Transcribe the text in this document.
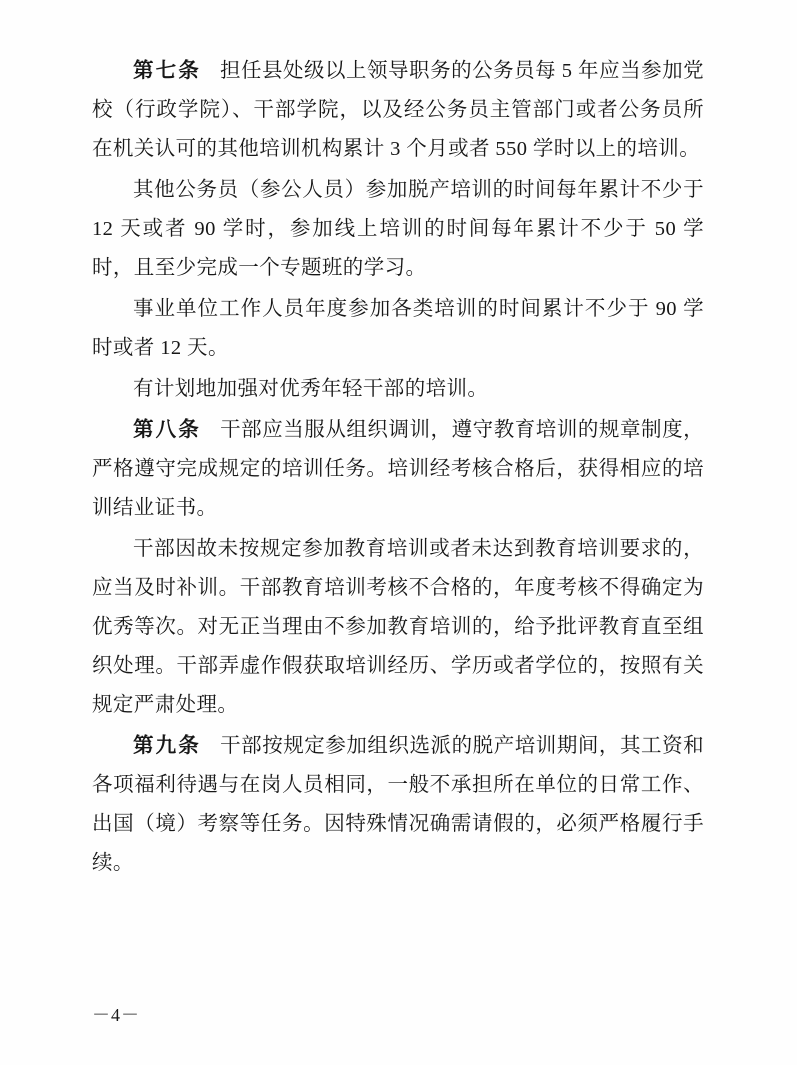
第七条 担任县处级以上领导职务的公务员每 5 年应当参加党校（行政学院）、干部学院，以及经公务员主管部门或者公务员所在机关认可的其他培训机构累计 3 个月或者 550 学时以上的培训。

其他公务员（参公人员）参加脱产培训的时间每年累计不少于 12 天或者 90 学时，参加线上培训的时间每年累计不少于 50 学时，且至少完成一个专题班的学习。

事业单位工作人员年度参加各类培训的时间累计不少于 90 学时或者 12 天。

有计划地加强对优秀年轻干部的培训。

第八条 干部应当服从组织调训，遵守教育培训的规章制度，严格遵守完成规定的培训任务。培训经考核合格后，获得相应的培训结业证书。

干部因故未按规定参加教育培训或者未达到教育培训要求的，应当及时补训。干部教育培训考核不合格的，年度考核不得确定为优秀等次。对无正当理由不参加教育培训的，给予批评教育直至组织处理。干部弄虚作假获取培训经历、学历或者学位的，按照有关规定严肃处理。

第九条 干部按规定参加组织选派的脱产培训期间，其工资和各项福利待遇与在岗人员相同，一般不承担所在单位的日常工作、出国（境）考察等任务。因特殊情况确需请假的，必须严格履行手续。

－4－
